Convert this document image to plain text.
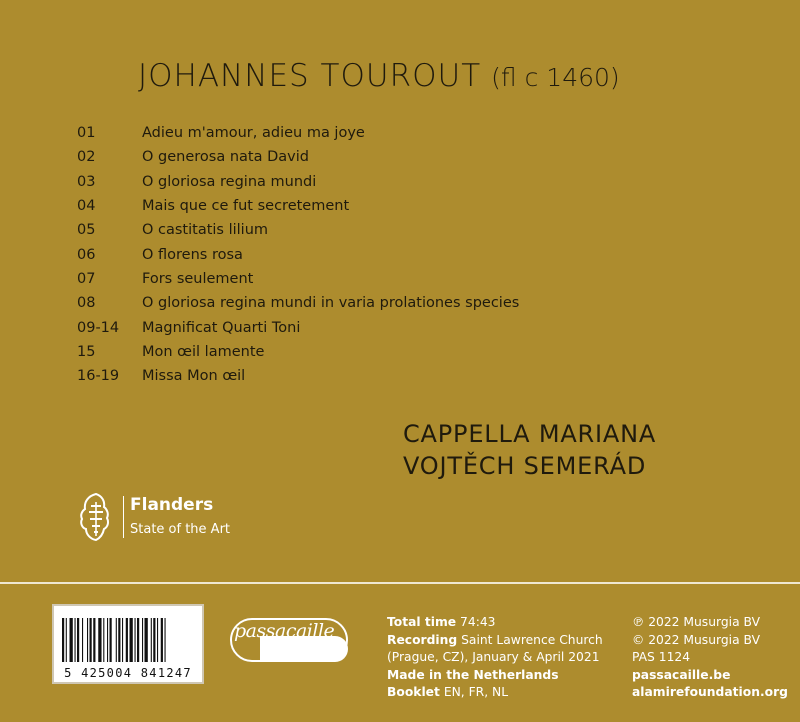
JOHANNES TOUROUT (fl c 1460)
01	Adieu m'amour, adieu ma joye
02	O generosa nata David
03	O gloriosa regina mundi
04	Mais que ce fut secretement
05	O castitatis lilium
06	O florens rosa
07	Fors seulement
08	O gloriosa regina mundi in varia prolationes species
09-14	Magnificat Quarti Toni
15	Mon œil lamente
16-19	Missa Mon œil
CAPPELLA MARIANA
VOJTĚCH SEMERÁD
Flanders
State of the Art
5 425004 841247
passacaille	Total time 74:43
Recording Saint Lawrence Church
(Prague, CZ), January & April 2021
Made in the Netherlands
Booklet EN, FR, NL
℗ 2022 Musurgia BV
© 2022 Musurgia BV
PAS 1124
passacaille.be
alamirefoundation.org
